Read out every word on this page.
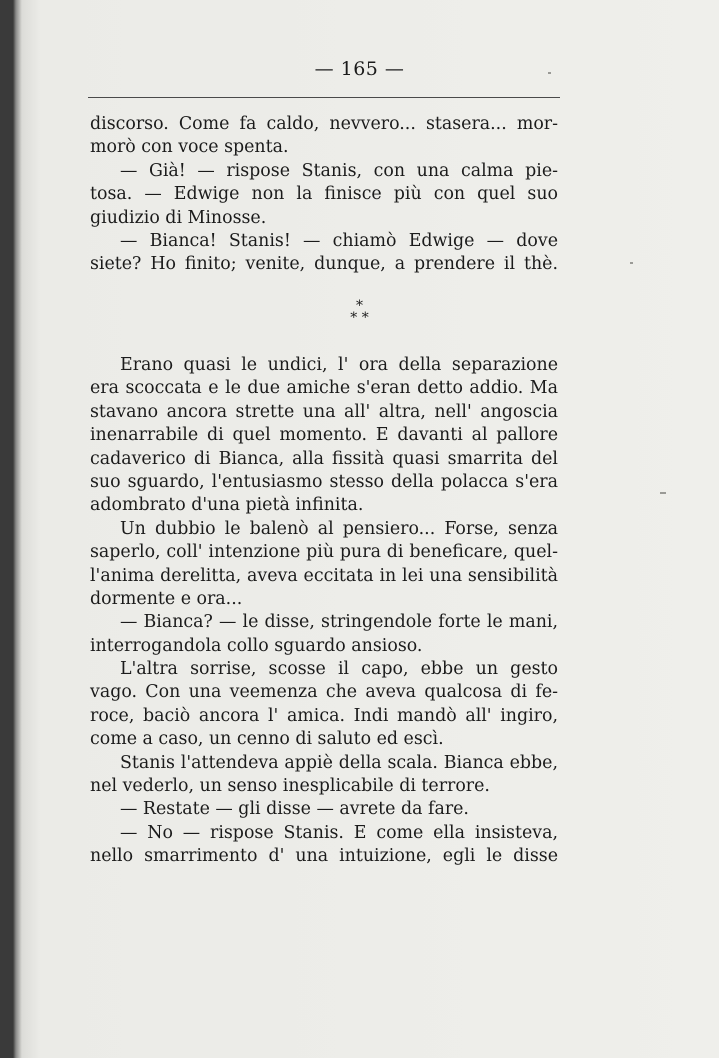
— 165 —
discorso. Come fa caldo, nevvero... stasera... mor-
morò con voce spenta.
— Già! — rispose Stanis, con una calma pie-
tosa. — Edwige non la finisce più con quel suo
giudizio di Minosse.
— Bianca! Stanis! — chiamò Edwige — dove
siete? Ho finito; venite, dunque, a prendere il thè.
*
* *
Erano quasi le undici, l' ora della separazione
era scoccata e le due amiche s'eran detto addio. Ma
stavano ancora strette una all' altra, nell' angoscia
inenarrabile di quel momento. E davanti al pallore
cadaverico di Bianca, alla fissità quasi smarrita del
suo sguardo, l'entusiasmo stesso della polacca s'era
adombrato d'una pietà infinita.
Un dubbio le balenò al pensiero... Forse, senza
saperlo, coll' intenzione più pura di beneficare, quel-
l'anima derelitta, aveva eccitata in lei una sensibilità
dormente e ora...
— Bianca? — le disse, stringendole forte le mani,
interrogandola collo sguardo ansioso.
L'altra sorrise, scosse il capo, ebbe un gesto
vago. Con una veemenza che aveva qualcosa di fe-
roce, baciò ancora l' amica. Indi mandò all' ingiro,
come a caso, un cenno di saluto ed escì.
Stanis l'attendeva appiè della scala. Bianca ebbe,
nel vederlo, un senso inesplicabile di terrore.
— Restate — gli disse — avrete da fare.
— No — rispose Stanis. E come ella insisteva,
nello smarrimento d' una intuizione, egli le disse
